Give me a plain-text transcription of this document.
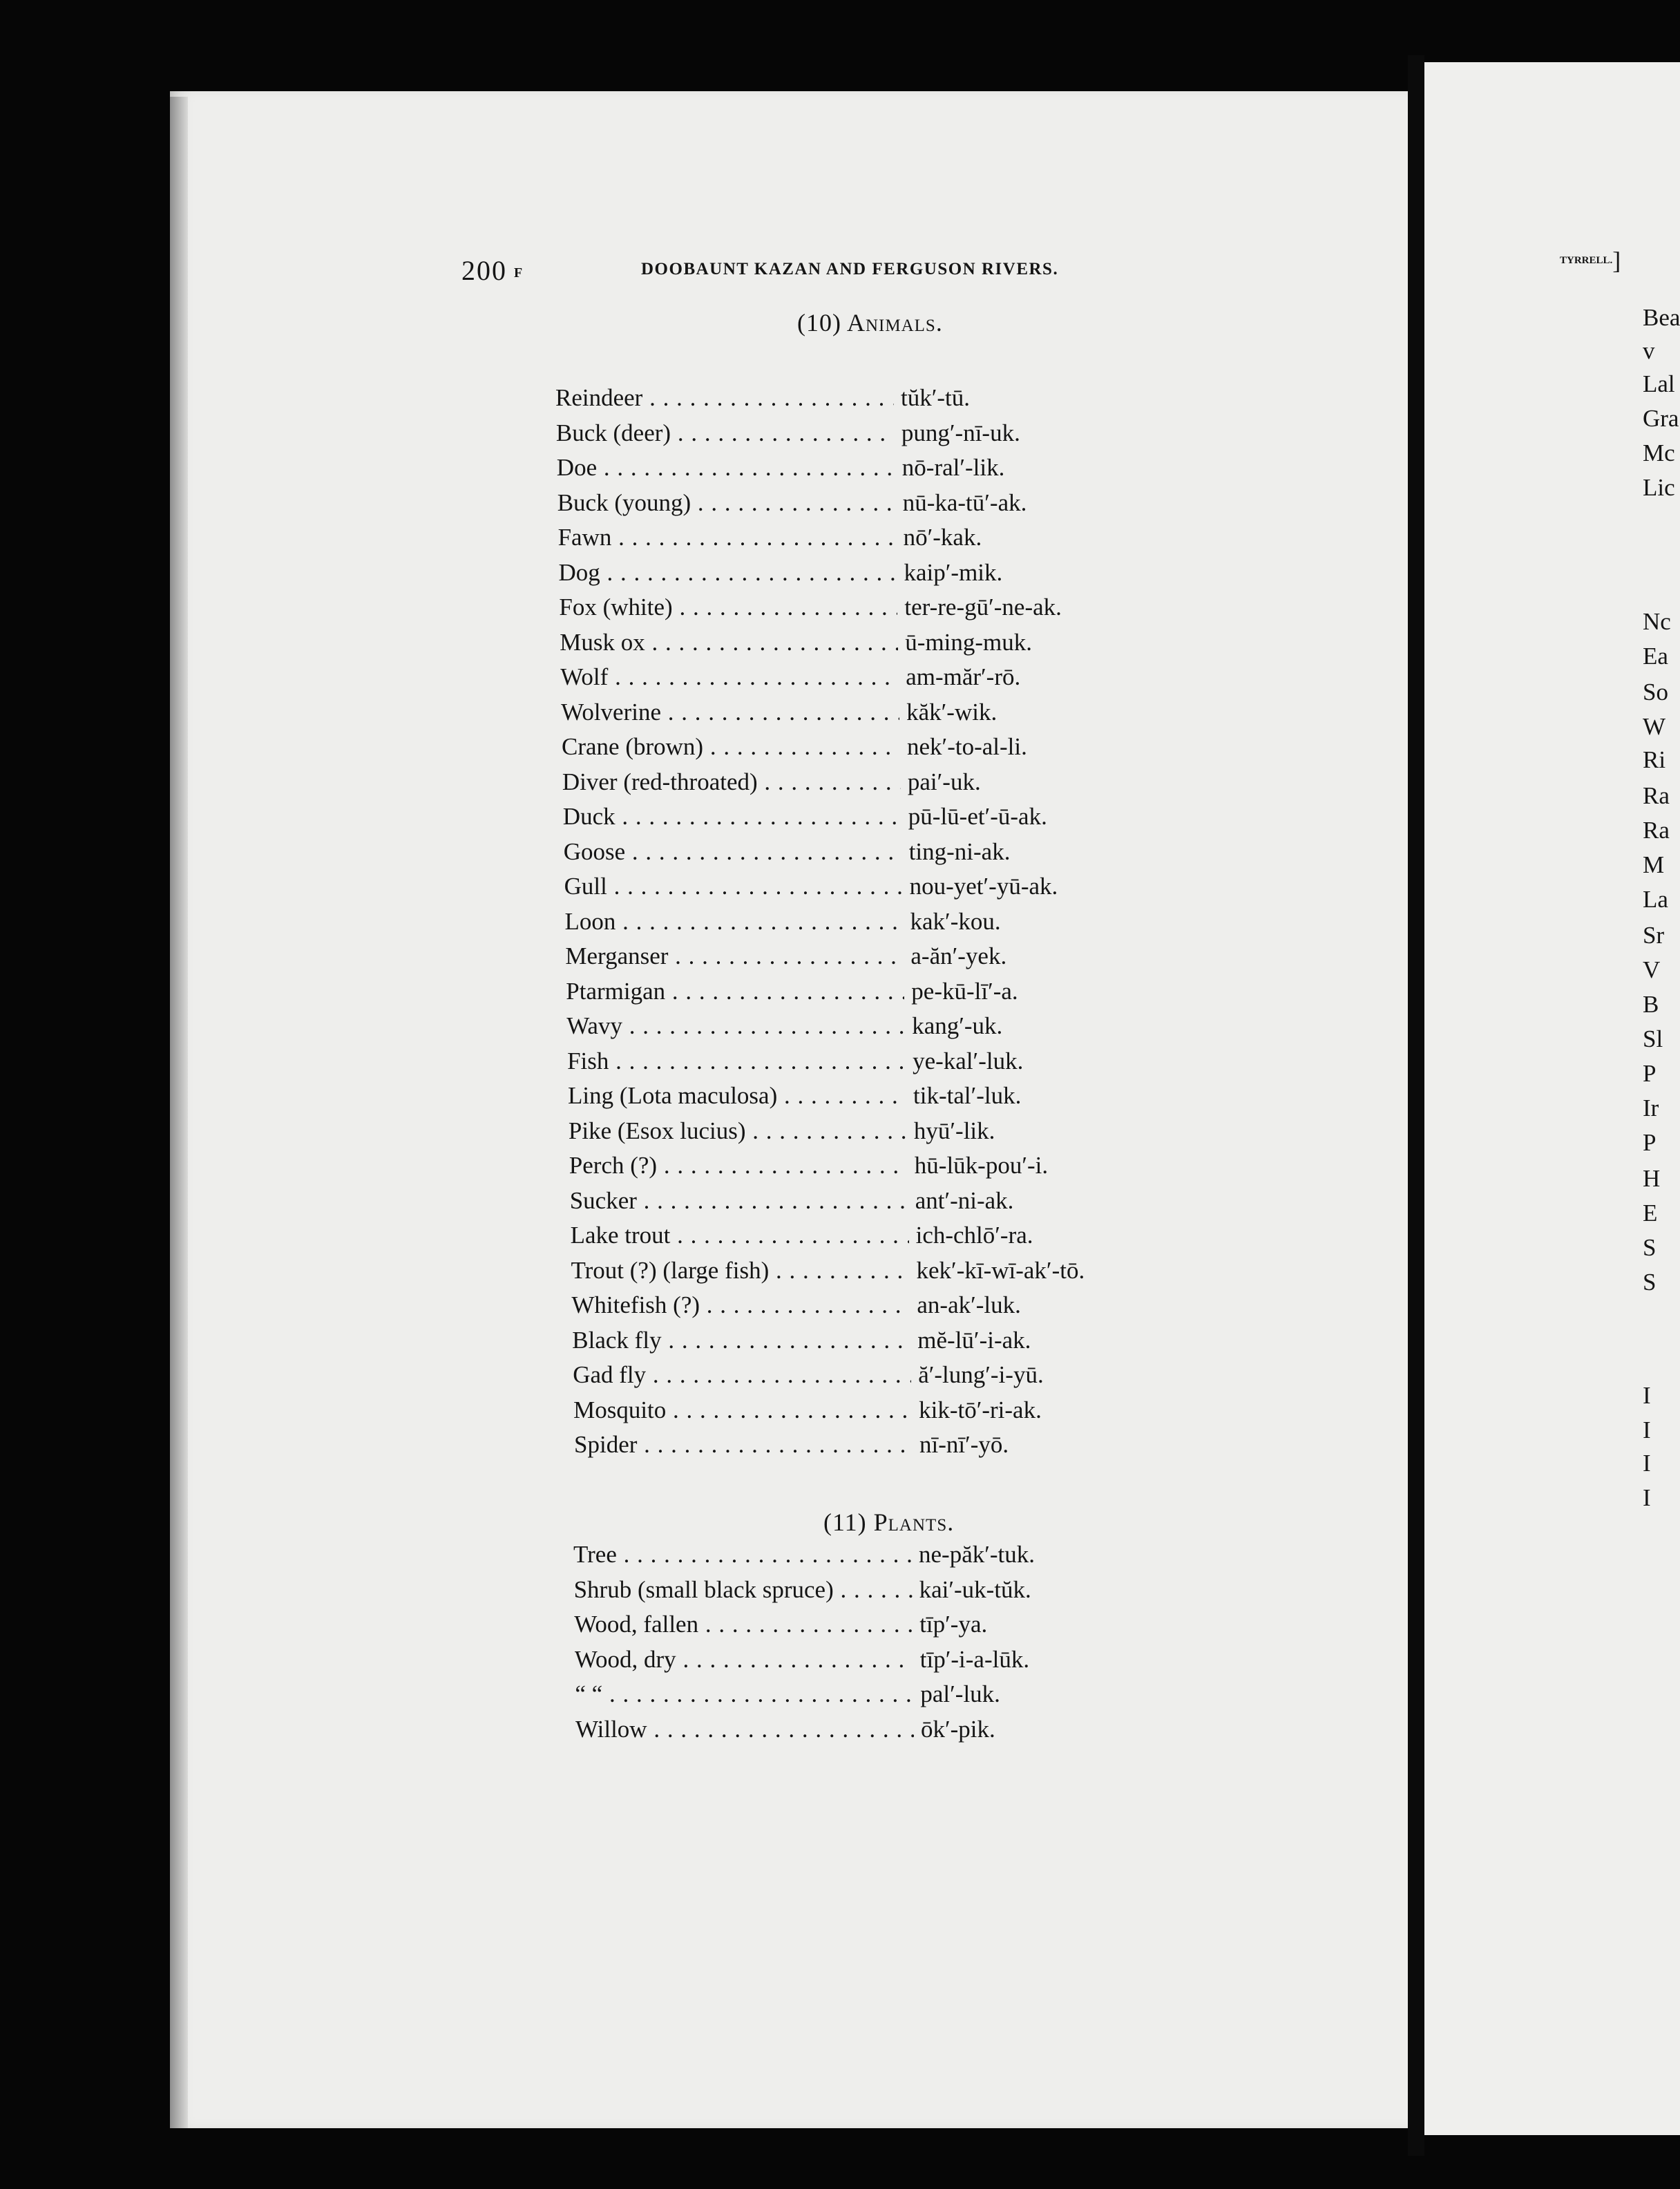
200 F	DOOBAUNT KAZAN AND FERGUSON RIVERS.
(10) Animals.
Reindeer . . .	tŭk′-tū.
Buck (deer) . . .	pung′-nī-uk.
Doe . . .	nō-ral′-lik.
Buck (young) . . .	nū-ka-tū′-ak.
Fawn . . .	nō′-kak.
Dog . . .	kaip′-mik.
Fox (white) . . .	ter-re-gū′-ne-ak.
Musk ox . . .	ū-ming-muk.
Wolf . . .	am-măr′-rō.
Wolverine . . .	kăk′-wik.
Crane (brown) . . .	nek′-to-al-li.
Diver (red-throated) . . .	pai′-uk.
Duck . . .	pū-lū-et′-ū-ak.
Goose . . .	ting-ni-ak.
Gull . . .	nou-yet′-yū-ak.
Loon . . .	kak′-kou.
Merganser . . .	a-ăn′-yek.
Ptarmigan . . .	pe-kū-lī′-a.
Wavy . . .	kang′-uk.
Fish . . .	ye-kal′-luk.
Ling (Lota maculosa) . . .	tik-tal′-luk.
Pike (Esox lucius) . . .	hyū′-lik.
Perch (?) . . .	hū-lūk-pou′-i.
Sucker . . .	ant′-ni-ak.
Lake trout . . .	ich-chlō′-ra.
Trout (?) (large fish) . . .	kek′-kī-wī-ak′-tō.
Whitefish (?) . . .	an-ak′-luk.
Black fly . . .	mĕ-lū′-i-ak.
Gad fly . . .	ă′-lung′-i-yū.
Mosquito . . .	kik-tō′-ri-ak.
Spider . . .	nī-nī′-yō.
(11) Plants.
Tree . . .	ne-păk′-tuk.
Shrub (small black spruce) . . .	kai′-uk-tŭk.
Wood, fallen . . .	tīp′-ya.
Wood, dry . . .	tīp′-i-a-lūk.
“ “ . . .	pal′-luk.
Willow . . .	ōk′-pik.
TYRRELL.]
Bea
v
Lal
Gra
Mc
Lic
Nc
Ea
So
W
Ri
Ra
Ra
M
La
Sr
V
B
Sl
P
Ir
P
H
E
S
S
I
I
I
I
